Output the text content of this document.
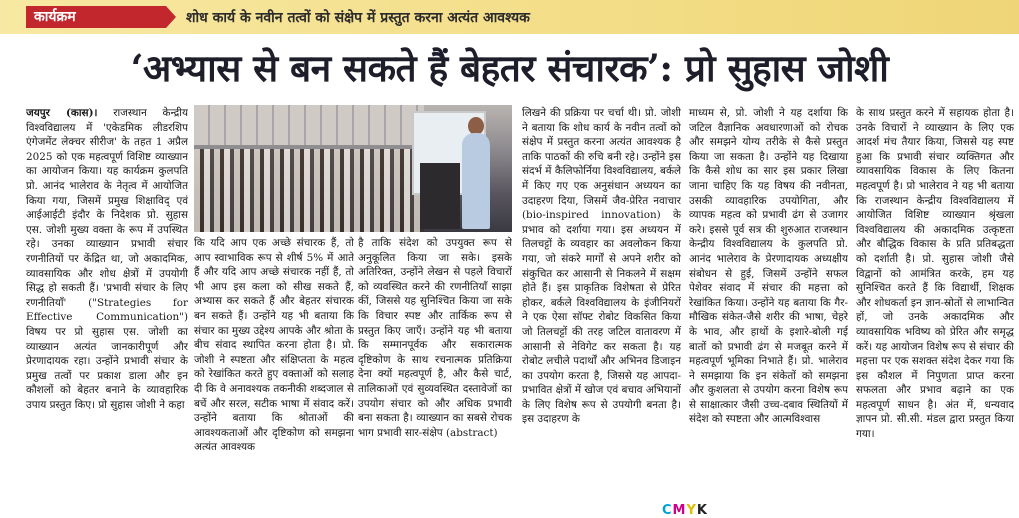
कार्यक्रम	शोध कार्य के नवीन तत्वों को संक्षेप में प्रस्तुत करना अत्यंत आवश्यक
‘अभ्यास से बन सकते हैं बेहतर संचारक’: प्रो सुहास जोशी
जयपुर (कास)। राजस्थान केन्द्रीय विश्वविद्यालय में 'एकेडमिक लीडरशिप एंगेजमेंट लेक्चर सीरीज' के तहत 1 अप्रैल 2025 को एक महत्वपूर्ण विशिष्ट व्याख्यान का आयोजन किया। यह कार्यक्रम कुलपति प्रो. आनंद भालेराव के नेतृत्व में आयोजित किया गया, जिसमें प्रमुख शिक्षाविद् एवं आईआईटी इंदौर के निदेशक प्रो. सुहास एस. जोशी मुख्य वक्ता के रूप में उपस्थित रहे। उनका व्याख्यान प्रभावी संचार रणनीतियों पर केंद्रित था, जो अकादमिक, व्यावसायिक और शोध क्षेत्रों में उपयोगी सिद्ध हो सकती हैं। 'प्रभावी संचार के लिए रणनीतियाँ' ("Strategies for Effective Communication") विषय पर प्रो सुहास एस. जोशी का व्याख्यान अत्यंत जानकारीपूर्ण और प्रेरणादायक रहा। उन्होंने प्रभावी संचार के प्रमुख तत्वों पर प्रकाश डाला और इन कौशलों को बेहतर बनाने के व्यावहारिक उपाय प्रस्तुत किए। प्रो सुहास जोशी ने कहा
कि यदि आप एक अच्छे संचारक हैं, तो आप स्वाभाविक रूप से शीर्ष 5% में आते हैं और यदि आप अच्छे संचारक नहीं हैं, तो भी आप इस कला को सीख सकते हैं, अभ्यास कर सकते हैं और बेहतर संचारक बन सकते हैं। उन्होंने यह भी बताया कि संचार का मुख्य उद्देश्य आपके और श्रोता के बीच संवाद स्थापित करना होता है। प्रो. जोशी ने स्पष्टता और संक्षिप्तता के महत्व को रेखांकित करते हुए वक्ताओं को सलाह दी कि वे अनावश्यक तकनीकी शब्दजाल से बचें और सरल, सटीक भाषा में संवाद करें। उन्होंने बताया कि श्रोताओं की आवश्यकताओं और दृष्टिकोण को समझना अत्यंत आवश्यक
है ताकि संदेश को उपयुक्त रूप से अनुकूलित किया जा सके। इसके अतिरिक्त, उन्होंने लेखन से पहले विचारों को व्यवस्थित करने की रणनीतियाँ साझा कीं, जिससे यह सुनिश्चित किया जा सके कि विचार स्पष्ट और तार्किक रूप से प्रस्तुत किए जाएँ। उन्होंने यह भी बताया कि सम्मानपूर्वक और सकारात्मक दृष्टिकोण के साथ रचनात्मक प्रतिक्रिया देना क्यों महत्वपूर्ण है, और कैसे चार्ट, तालिकाओं एवं सुव्यवस्थित दस्तावेजों का उपयोग संचार को और अधिक प्रभावी बना सकता है। व्याख्यान का सबसे रोचक भाग प्रभावी सार-संक्षेप (abstract)
लिखने की प्रक्रिया पर चर्चा थी। प्रो. जोशी ने बताया कि शोध कार्य के नवीन तत्वों को संक्षेप में प्रस्तुत करना अत्यंत आवश्यक है ताकि पाठकों की रुचि बनी रहे। उन्होंने इस संदर्भ में कैलिफोर्निया विश्वविद्यालय, बर्कले में किए गए एक अनुसंधान अध्ययन का उदाहरण दिया, जिसमें जैव-प्रेरित नवाचार (bio-inspired innovation) के प्रभाव को दर्शाया गया। इस अध्ययन में तिलचट्टों के व्यवहार का अवलोकन किया गया, जो संकरे मार्गों से अपने शरीर को संकुचित कर आसानी से निकलने में सक्षम होते हैं। इस प्राकृतिक विशेषता से प्रेरित होकर, बर्कले विश्वविद्यालय के इंजीनियरों ने एक ऐसा सॉफ्ट रोबोट विकसित किया जो तिलचट्टों की तरह जटिल वातावरण में आसानी से नेविगेट कर सकता है। यह रोबोट लचीले पदार्थों और अभिनव डिजाइन का उपयोग करता है, जिससे यह आपदा-प्रभावित क्षेत्रों में खोज एवं बचाव अभियानों के लिए विशेष रूप से उपयोगी बनता है। इस उदाहरण के
माध्यम से, प्रो. जोशी ने यह दर्शाया कि जटिल वैज्ञानिक अवधारणाओं को रोचक और समझने योग्य तरीके से कैसे प्रस्तुत किया जा सकता है। उन्होंने यह दिखाया कि कैसे शोध का सार इस प्रकार लिखा जाना चाहिए कि यह विषय की नवीनता, उसकी व्यावहारिक उपयोगिता, और व्यापक महत्व को प्रभावी ढंग से उजागर करे। इससे पूर्व सत्र की शुरुआत राजस्थान केन्द्रीय विश्वविद्यालय के कुलपति प्रो. आनंद भालेराव के प्रेरणादायक अध्यक्षीय संबोधन से हुई, जिसमें उन्होंने सफल पेशेवर संवाद में संचार की महत्ता को रेखांकित किया। उन्होंने यह बताया कि गैर-मौखिक संकेत-जैसे शरीर की भाषा, चेहरे के भाव, और हाथों के इशारे-बोली गई बातों को प्रभावी ढंग से मजबूत करने में महत्वपूर्ण भूमिका निभाते हैं। प्रो. भालेराव ने समझाया कि इन संकेतों को समझना और कुशलता से उपयोग करना विशेष रूप से साक्षात्कार जैसी उच्च-दबाव स्थितियों में संदेश को स्पष्टता और आत्मविश्वास
के साथ प्रस्तुत करने में सहायक होता है। उनके विचारों ने व्याख्यान के लिए एक आदर्श मंच तैयार किया, जिससे यह स्पष्ट हुआ कि प्रभावी संचार व्यक्तिगत और व्यावसायिक विकास के लिए कितना महत्वपूर्ण है। प्रो भालेराव ने यह भी बताया कि राजस्थान केन्द्रीय विश्वविद्यालय में आयोजित विशिष्ट व्याख्यान श्रृंखला विश्वविद्यालय की अकादमिक उत्कृष्टता और बौद्धिक विकास के प्रति प्रतिबद्धता को दर्शाती है। प्रो. सुहास जोशी जैसे विद्वानों को आमंत्रित करके, हम यह सुनिश्चित करते हैं कि विद्यार्थी, शिक्षक और शोधकर्ता इन ज्ञान-स्रोतों से लाभान्वित हों, जो उनके अकादमिक और व्यावसायिक भविष्य को प्रेरित और समृद्ध करें। यह आयोजन विशेष रूप से संचार की महत्ता पर एक सशक्त संदेश देकर गया कि इस कौशल में निपुणता प्राप्त करना सफलता और प्रभाव बढ़ाने का एक महत्वपूर्ण साधन है। अंत में, धन्यवाद ज्ञापन प्रो. सी.सी. मंडल द्वारा प्रस्तुत किया गया।
CMYK
